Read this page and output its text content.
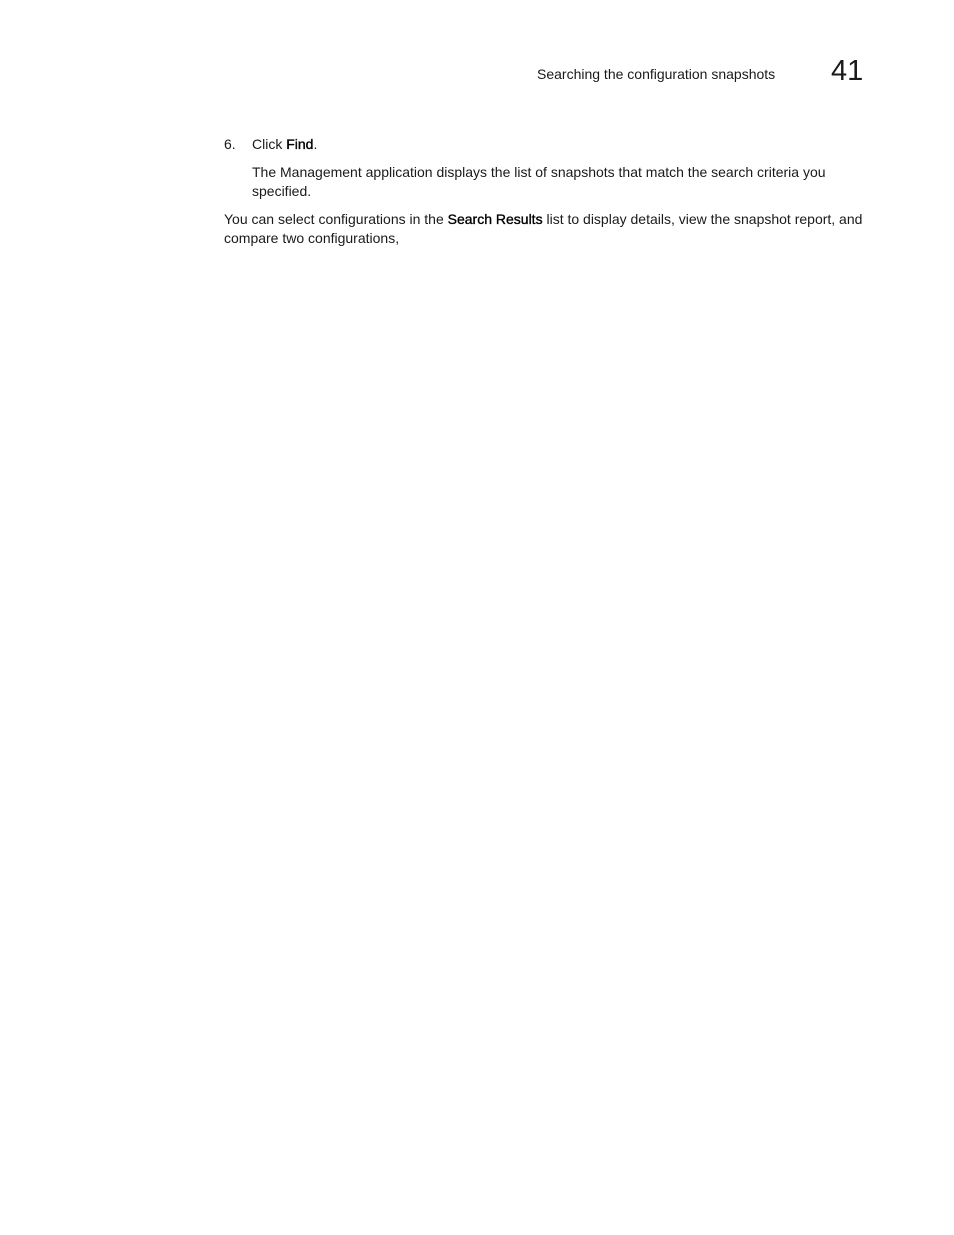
Searching the configuration snapshots 41
6. Click Find.

The Management application displays the list of snapshots that match the search criteria you specified.

You can select configurations in the Search Results list to display details, view the snapshot report, and compare two configurations,
